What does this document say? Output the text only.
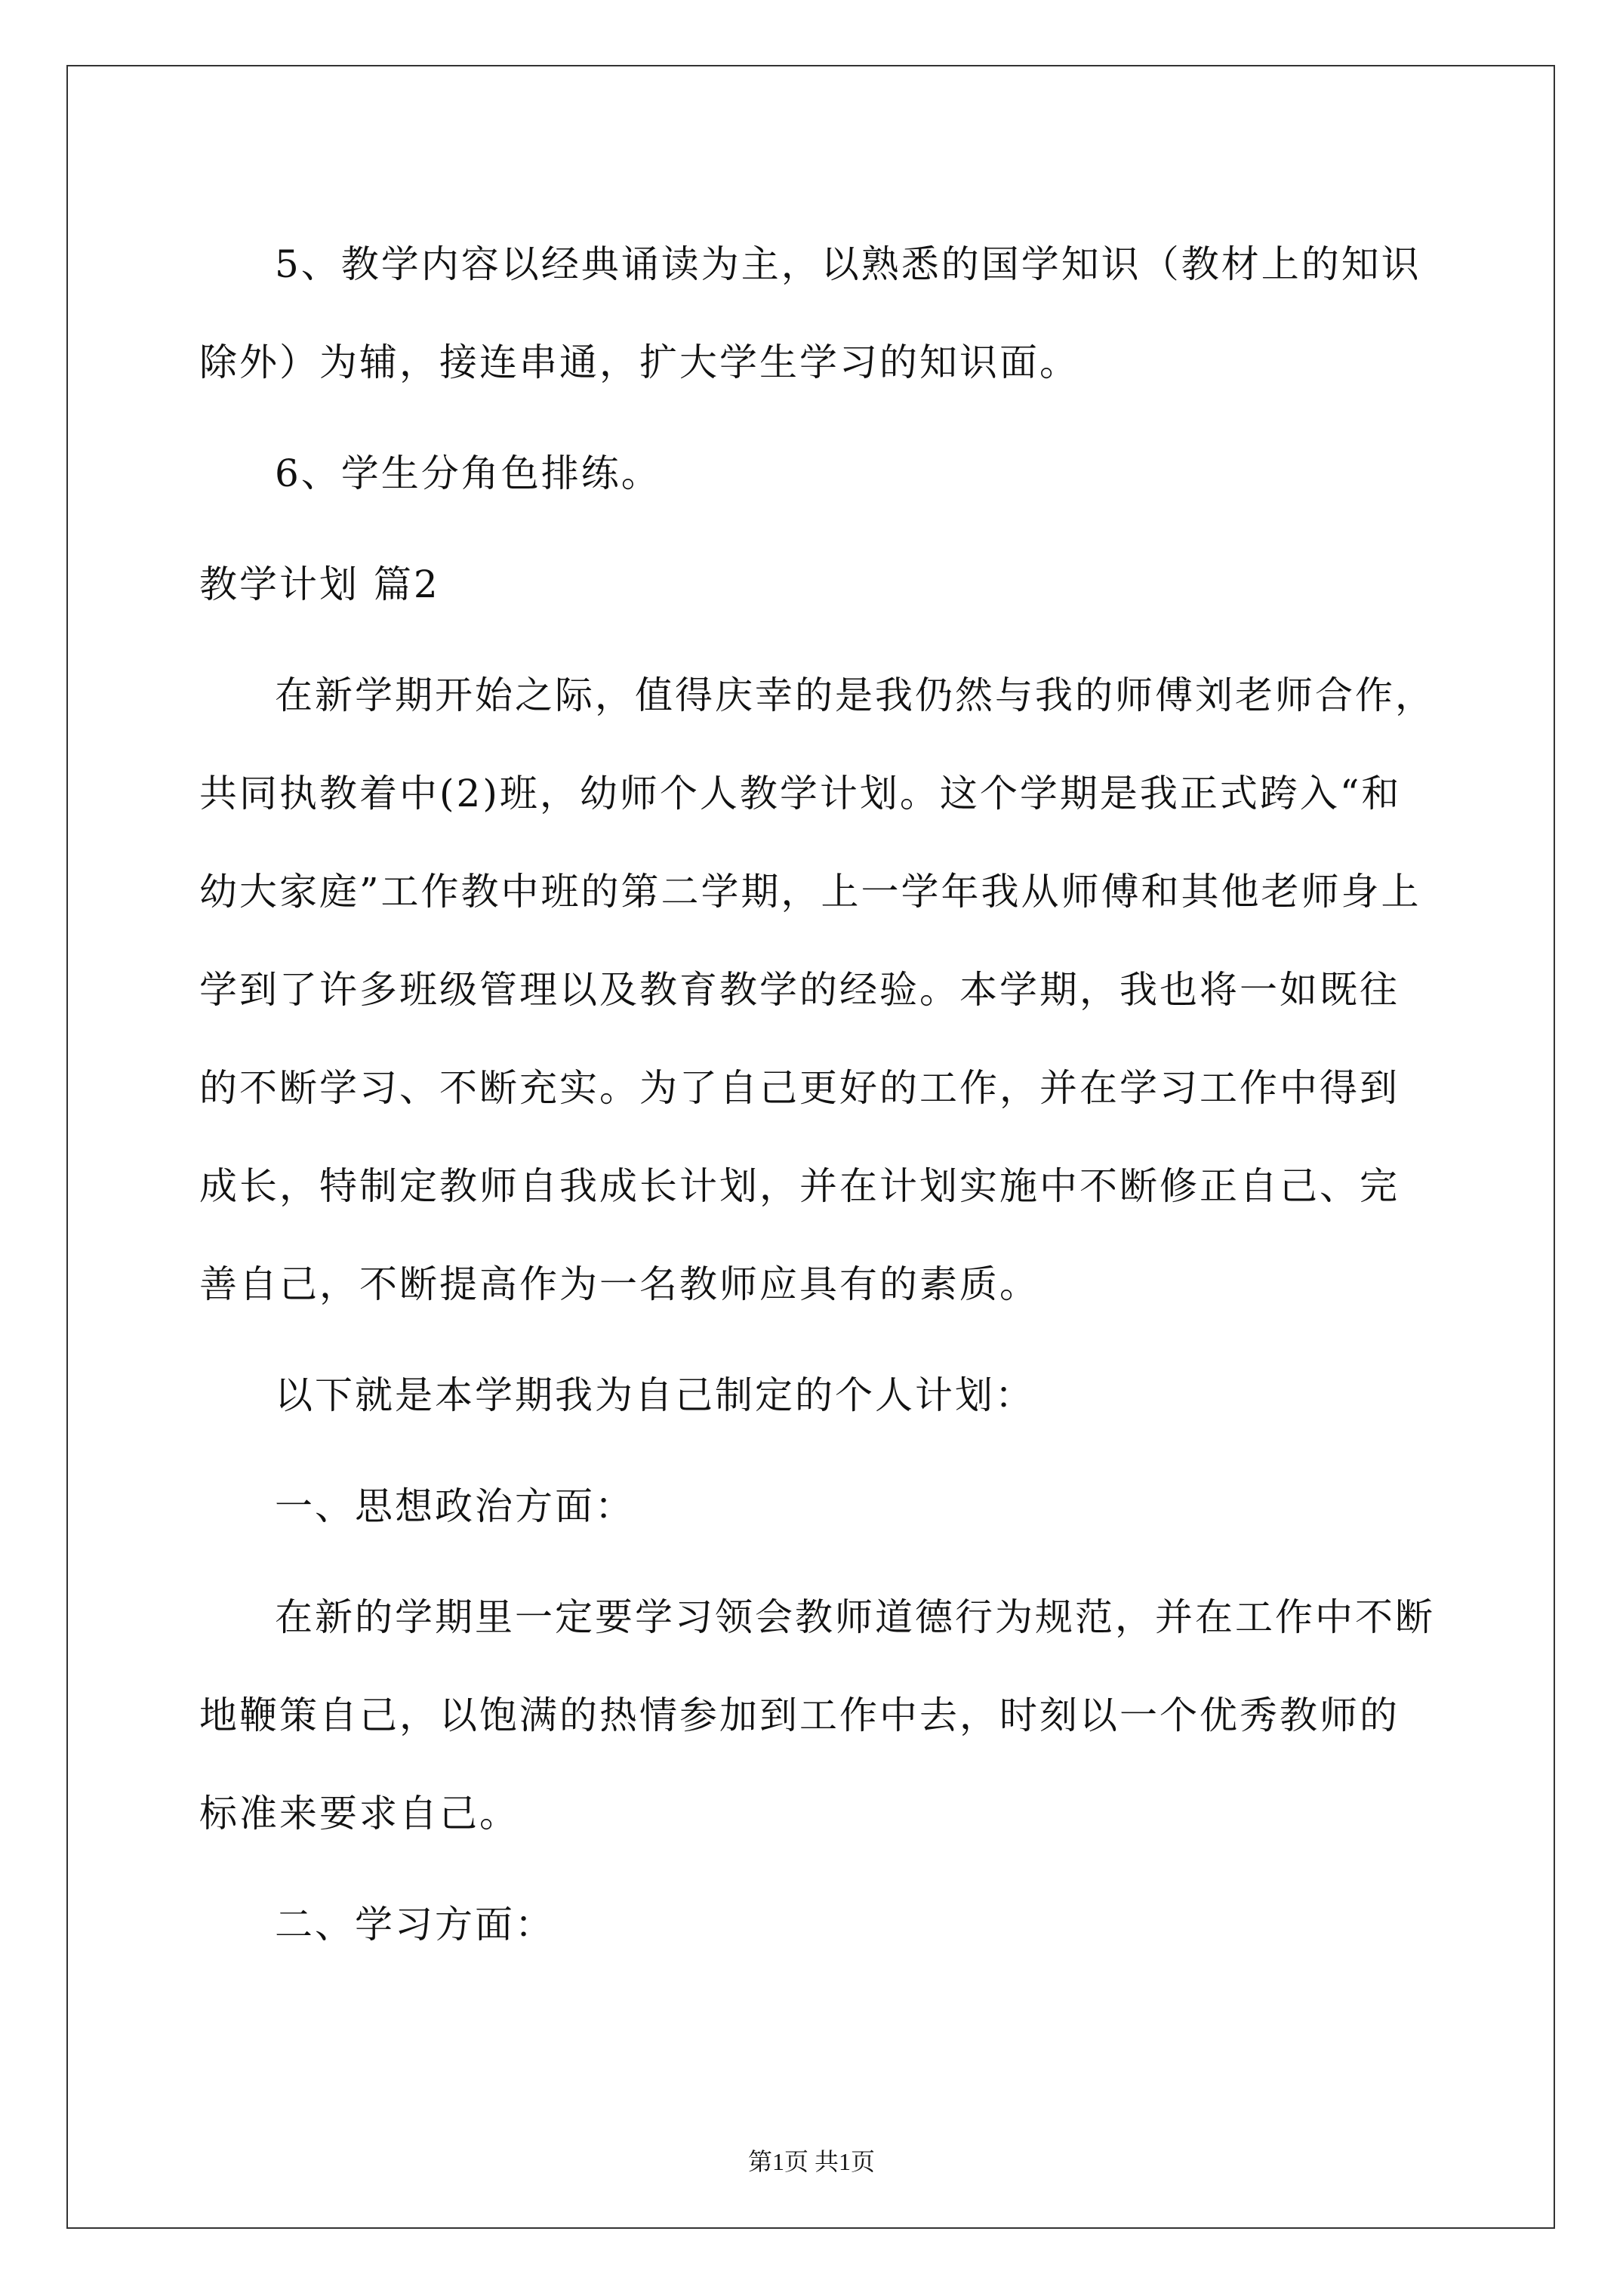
5、教学内容以经典诵读为主，以熟悉的国学知识（教材上的知识除外）为辅，接连串通，扩大学生学习的知识面。

6、学生分角色排练。

教学计划 篇2

在新学期开始之际，值得庆幸的是我仍然与我的师傅刘老师合作，共同执教着中(2)班，幼师个人教学计划。这个学期是我正式跨入“和幼大家庭”工作教中班的第二学期，上一学年我从师傅和其他老师身上学到了许多班级管理以及教育教学的经验。本学期，我也将一如既往的不断学习、不断充实。为了自己更好的工作，并在学习工作中得到成长，特制定教师自我成长计划，并在计划实施中不断修正自己、完善自己，不断提高作为一名教师应具有的素质。

以下就是本学期我为自己制定的个人计划：

一、思想政治方面：

在新的学期里一定要学习领会教师道德行为规范，并在工作中不断地鞭策自己，以饱满的热情参加到工作中去，时刻以一个优秀教师的标准来要求自己。

二、学习方面：

第1页 共1页
